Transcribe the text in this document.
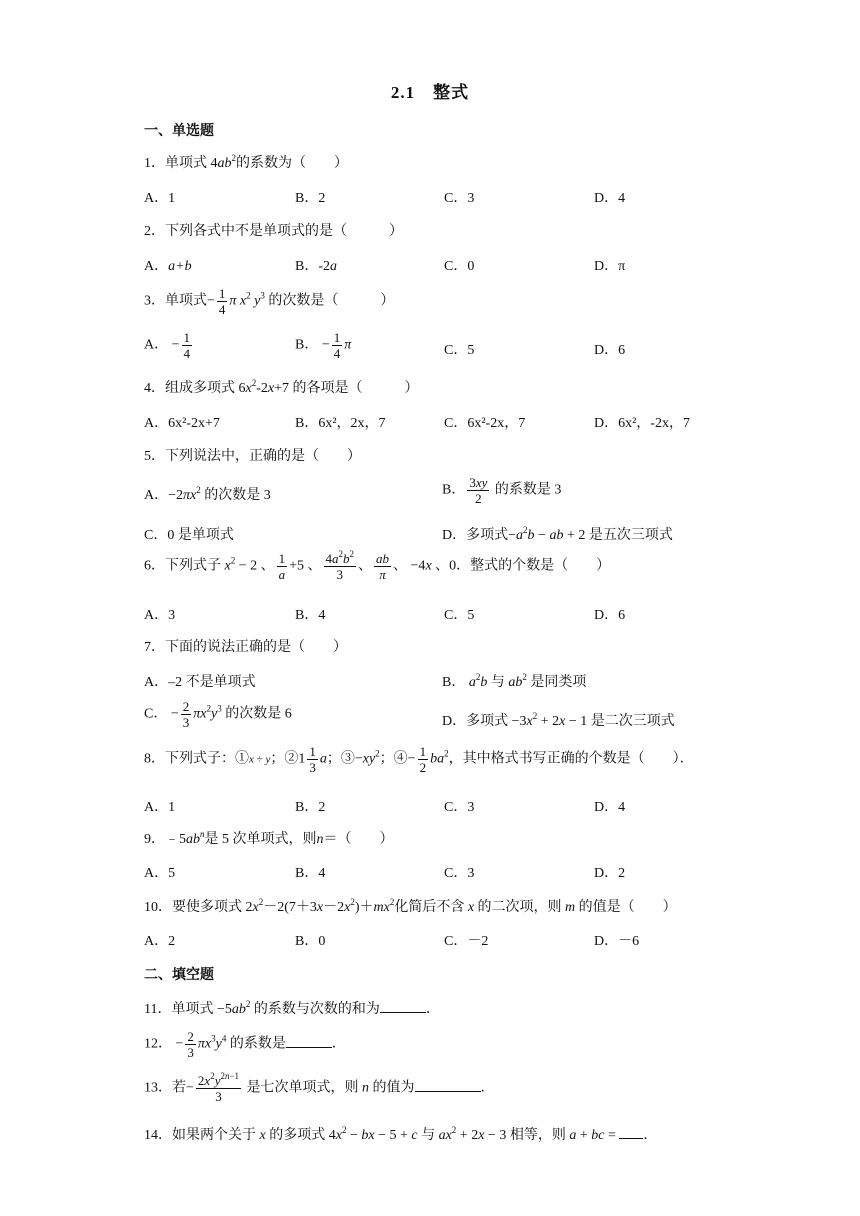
2.1　整式
一、单选题
1．单项式 $4ab^2$的系数为（　　）
A．1	B．2	C．3	D．4
2．下列各式中不是单项式的是（　　　）
A．a+b	B．-2a	C．0	D．π
3．单项式− $\frac{1}{4}$ π $x^2$ $y^3$ 的次数是（　　　）
A． − $\frac{1}{4}$	B． − $\frac{1}{4}$ π	C．5	D．6
4．组成多项式 $6x^2-2x+7$ 的各项是（　　　）
A．6x²-2x+7	B．6x²，2x，7	C．6x²-2x，7	D．6x²，-2x，7
5．下列说法中，正确的是（　　）
A．$-2\pi x^2$ 的次数是 3	B． $\frac{3xy}{2}$ 的系数是 3
C．0 是单项式	D．多项式$-a^2b$ − ab + 2 是五次三项式
6．下列式子 $x^2 - 2$ 、 $\frac{1}{a} +5$ 、 $\frac{4a^2b^2}{3}$ 、 $\frac{ab}{\pi}$ 、 −4x 、0．整式的个数是（　　）
A．3	B．4	C．5	D．6
7．下面的说法正确的是（　　）
A．–2 不是单项式	B． $a^2b$ 与 $ab^2$ 是同类项
C． − $\frac{2}{3} \pi x^2y^3$ 的次数是 6	D．多项式 $-3x^2 + 2x - 1$ 是二次三项式
8．下列式子：①x ÷ y；②1 $\frac{1}{3}$ a；$③-xy^2$；④− $\frac{1}{2} ba^2$，其中格式书写正确的个数是（　　）．
A．1	B．2	C．3	D．4
9．$﹣5ab^n$是 5 次单项式，则n＝（　　）
A．5	B．4	C．3	D．2
10．要使多项式 $2x^2-2(7+3x-2x^2)+mx^2$化简后不含 x 的二次项，则 m 的值是（　　）
A．2	B．0	C．－2	D．－6
二、填空题
11．单项式 $-5ab^2$ 的系数与次数的和为	．
12． − $\frac{2}{3} \pi x^3y^4$ 的系数是	．
13．若− $\frac{2x^2y^{2n-1}}{3}$ 是七次单项式，则 n 的值为	．
14．如果两个关于 x 的多项式 $4x^2$ − bx − 5 + c 与 $ax^2 + 2x - 3$ 相等，则 a + bc = ．
